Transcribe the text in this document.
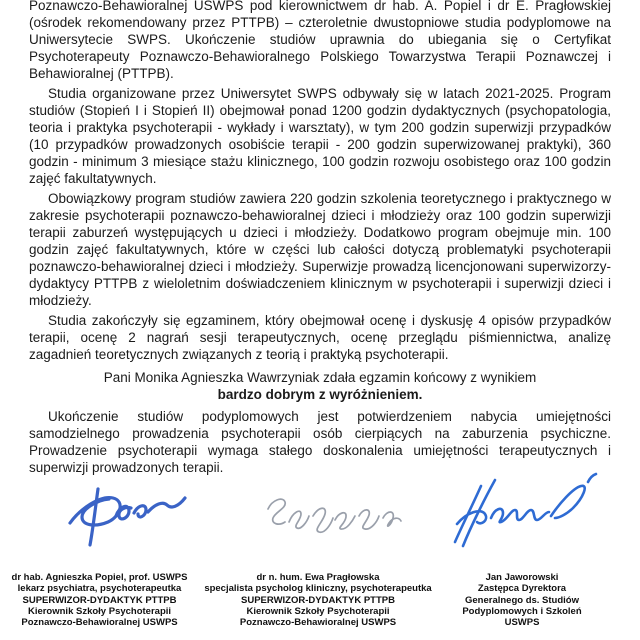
Poznawczo-Behawioralnej USWPS pod kierownictwem dr hab. A. Popiel i dr E. Pragłowskiej (ośrodek rekomendowany przez PTTPB) – czteroletnie dwustopniowe studia podyplomowe na Uniwersytecie SWPS. Ukończenie studiów uprawnia do ubiegania się o Certyfikat Psychoterapeuty Poznawczo-Behawioralnego Polskiego Towarzystwa Terapii Poznawczej i Behawioralnej (PTTPB).

Studia organizowane przez Uniwersytet SWPS odbywały się w latach 2021-2025. Program studiów (Stopień I i Stopień II) obejmował ponad 1200 godzin dydaktycznych (psychopatologia, teoria i praktyka psychoterapii - wykłady i warsztaty), w tym 200 godzin superwizji przypadków (10 przypadków prowadzonych osobiście terapii - 200 godzin superwizowanej praktyki), 360 godzin - minimum 3 miesiące stażu klinicznego, 100 godzin rozwoju osobistego oraz 100 godzin zajęć fakultatywnych.

Obowiązkowy program studiów zawiera 220 godzin szkolenia teoretycznego i praktycznego w zakresie psychoterapii poznawczo-behawioralnej dzieci i młodzieży oraz 100 godzin superwizji terapii zaburzeń występujących u dzieci i młodzieży. Dodatkowo program obejmuje min. 100 godzin zajęć fakultatywnych, które w części lub całości dotyczą problematyki psychoterapii poznawczo-behawioralnej dzieci i młodzieży. Superwizje prowadzą licencjonowani superwizorzy-dydaktycy PTTPB z wieloletnim doświadczeniem klinicznym w psychoterapii i superwizji dzieci i młodzieży.

Studia zakończyły się egzaminem, który obejmował ocenę i dyskusję 4 opisów przypadków terapii, ocenę 2 nagrań sesji terapeutycznych, ocenę przeglądu piśmiennictwa, analizę zagadnień teoretycznych związanych z teorią i praktyką psychoterapii.

Pani Monika Agnieszka Wawrzyniak zdała egzamin końcowy z wynikiem
bardzo dobrym z wyróżnieniem.

Ukończenie studiów podyplomowych jest potwierdzeniem nabycia umiejętności samodzielnego prowadzenia psychoterapii osób cierpiących na zaburzenia psychiczne. Prowadzenie psychoterapii wymaga stałego doskonalenia umiejętności terapeutycznych i superwizji prowadzonych terapii.

dr hab. Agnieszka Popiel, prof. USWPS
lekarz psychiatra, psychoterapeutka
SUPERWIZOR-DYDAKTYK PTTPB
Kierownik Szkoły Psychoterapii
Poznawczo-Behawioralnej USWPS
dr n. hum. Ewa Pragłowska
specjalista psycholog kliniczny, psychoterapeutka
SUPERWIZOR-DYDAKTYK PTTPB
Kierownik Szkoły Psychoterapii
Poznawczo-Behawioralnej USWPS
Jan Jaworowski
Zastępca Dyrektora
Generalnego ds. Studiów
Podyplomowych i Szkoleń
USWPS
